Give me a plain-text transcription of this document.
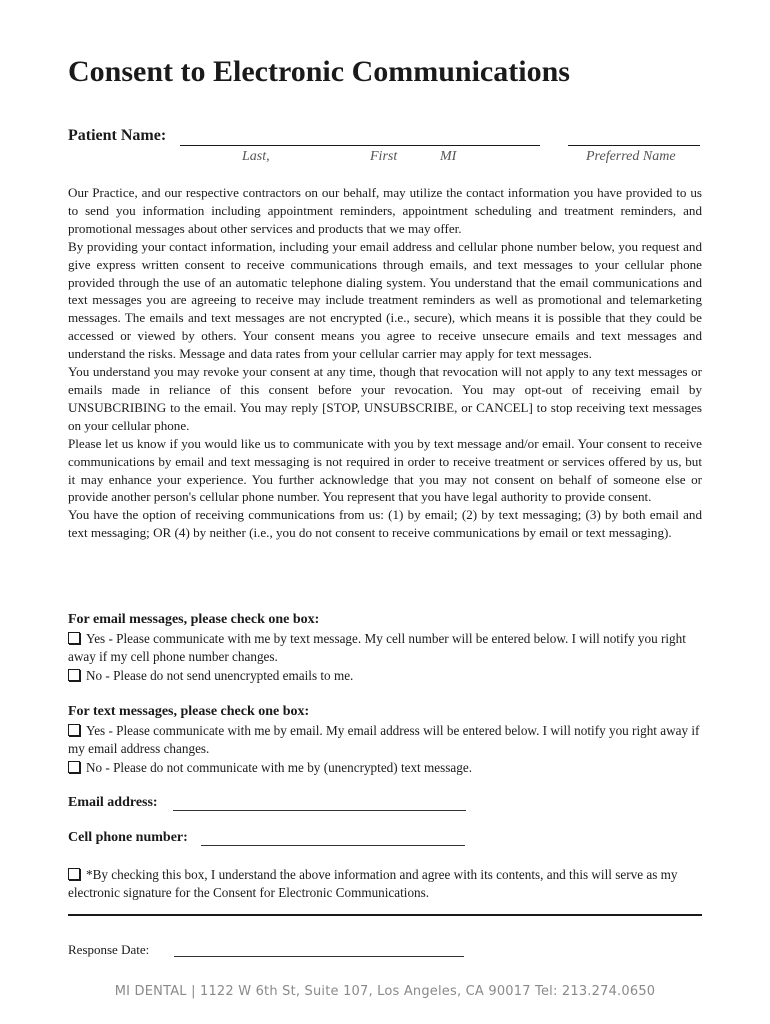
Consent to Electronic Communications
Patient Name:
Last,	First	MI	Preferred Name

Our Practice, and our respective contractors on our behalf, may utilize the contact information you have provided to us to send you information including appointment reminders, appointment scheduling and treatment reminders, and promotional messages about other services and products that we may offer.

By providing your contact information, including your email address and cellular phone number below, you request and give express written consent to receive communications through emails, and text messages to your cellular phone provided through the use of an automatic telephone dialing system. You understand that the email communications and text messages you are agreeing to receive may include treatment reminders as well as promotional and telemarketing messages. The emails and text messages are not encrypted (i.e., secure), which means it is possible that they could be accessed or viewed by others. Your consent means you agree to receive unsecure emails and text messages and understand the risks. Message and data rates from your cellular carrier may apply for text messages.

You understand you may revoke your consent at any time, though that revocation will not apply to any text messages or emails made in reliance of this consent before your revocation. You may opt-out of receiving email by UNSUBCRIBING to the email. You may reply [STOP, UNSUBSCRIBE, or CANCEL] to stop receiving text messages on your cellular phone.

Please let us know if you would like us to communicate with you by text message and/or email. Your consent to receive communications by email and text messaging is not required in order to receive treatment or services offered by us, but it may enhance your experience. You further acknowledge that you may not consent on behalf of someone else or provide another person's cellular phone number. You represent that you have legal authority to provide consent.

You have the option of receiving communications from us: (1) by email; (2) by text messaging; (3) by both email and text messaging; OR (4) by neither (i.e., you do not consent to receive communications by email or text messaging).

For email messages, please check one box:
Yes - Please communicate with me by text message. My cell number will be entered below. I will notify you right away if my cell phone number changes.
No - Please do not send unencrypted emails to me.
For text messages, please check one box:
Yes - Please communicate with me by email. My email address will be entered below. I will notify you right away if my email address changes.
No - Please do not communicate with me by (unencrypted) text message.
Email address:
Cell phone number:
*By checking this box, I understand the above information and agree with its contents, and this will serve as my electronic signature for the Consent for Electronic Communications.
Response Date:
MI DENTAL | 1122 W 6th St, Suite 107, Los Angeles, CA 90017 Tel: 213.274.0650
